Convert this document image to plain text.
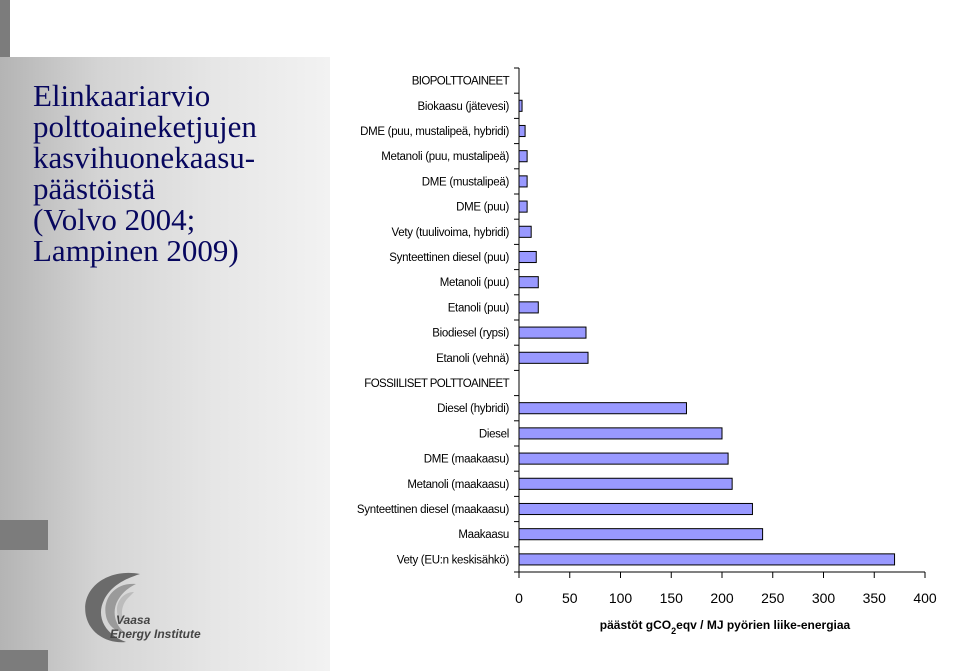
Elinkaariarvio
polttoaineketjujen
kasvihuonekaasu-
päästöistä
(Volvo 2004;
Lampinen 2009)
Vaasa
Energy Institute
BIOPOLTTOAINEET
Biokaasu (jätevesi)
DME (puu, mustalipeä, hybridi)
Metanoli (puu, mustalipeä)
DME (mustalipeä)
DME (puu)
Vety (tuulivoima, hybridi)
Synteettinen diesel (puu)
Metanoli (puu)
Etanoli (puu)
Biodiesel (rypsi)
Etanoli (vehnä)
FOSSIILISET POLTTOAINEET
Diesel (hybridi)
Diesel
DME (maakaasu)
Metanoli (maakaasu)
Synteettinen diesel (maakaasu)
Maakaasu
Vety (EU:n keskisähkö)
0	50 100 150 200 250 300 350 400
päästöt gCO$_2$eqv / MJ pyörien liike-energiaa
